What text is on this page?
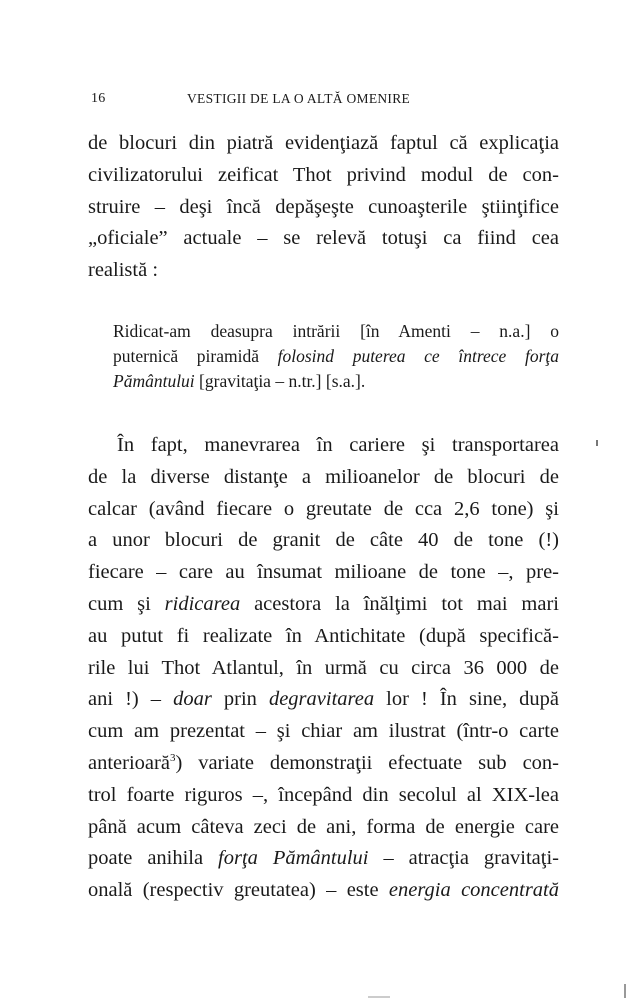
16	VESTIGII DE LA O ALTĂ OMENIRE
de blocuri din piatră evidenţiază faptul că explicaţia
civilizatorului zeificat Thot privind modul de con-
struire – deşi încă depăşeşte cunoaşterile ştiinţifice
„oficiale” actuale – se relevă totuşi ca fiind cea
realistă :
Ridicat-am deasupra intrării [în Amenti – n.a.] o
puternică piramidă folosind puterea ce întrece forţa
Pământului [gravitaţia – n.tr.] [s.a.].
În fapt, manevrarea în cariere şi transportarea
de la diverse distanţe a milioanelor de blocuri de
calcar (având fiecare o greutate de cca 2,6 tone) şi
a unor blocuri de granit de câte 40 de tone (!)
fiecare – care au însumat milioane de tone –, pre-
cum şi ridicarea acestora la înălţimi tot mai mari
au putut fi realizate în Antichitate (după specifică-
rile lui Thot Atlantul, în urmă cu circa 36 000 de
ani !) – doar prin degravitarea lor ! În sine, după
cum am prezentat – şi chiar am ilustrat (într-o carte
anterioară$^3$) variate demonstraţii efectuate sub con-
trol foarte riguros –, începând din secolul al XIX-lea
până acum câteva zeci de ani, forma de energie care
poate anihila forţa Pământului – atracţia gravitaţi-
onală (respectiv greutatea) – este energia concentrată
